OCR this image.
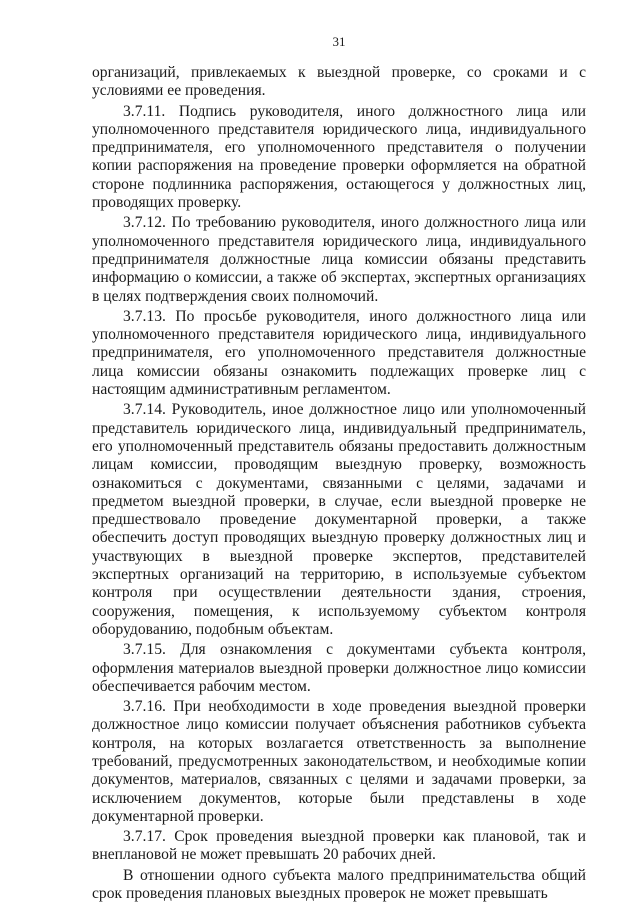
31

организаций, привлекаемых к выездной проверке, со сроками и с условиями ее проведения.

3.7.11. Подпись руководителя, иного должностного лица или уполномоченного представителя юридического лица, индивидуального предпринимателя, его уполномоченного представителя о получении копии распоряжения на проведение проверки оформляется на обратной стороне подлинника распоряжения, остающегося у должностных лиц, проводящих проверку.

3.7.12. По требованию руководителя, иного должностного лица или уполномоченного представителя юридического лица, индивидуального предпринимателя должностные лица комиссии обязаны представить информацию о комиссии, а также об экспертах, экспертных организациях в целях подтверждения своих полномочий.

3.7.13. По просьбе руководителя, иного должностного лица или уполномоченного представителя юридического лица, индивидуального предпринимателя, его уполномоченного представителя должностные лица комиссии обязаны ознакомить подлежащих проверке лиц с настоящим административным регламентом.

3.7.14. Руководитель, иное должностное лицо или уполномоченный представитель юридического лица, индивидуальный предприниматель, его уполномоченный представитель обязаны предоставить должностным лицам комиссии, проводящим выездную проверку, возможность ознакомиться с документами, связанными с целями, задачами и предметом выездной проверки, в случае, если выездной проверке не предшествовало проведение документарной проверки, а также обеспечить доступ проводящих выездную проверку должностных лиц и участвующих в выездной проверке экспертов, представителей экспертных организаций на территорию, в используемые субъектом контроля при осуществлении деятельности здания, строения, сооружения, помещения, к используемому субъектом контроля оборудованию, подобным объектам.

3.7.15. Для ознакомления с документами субъекта контроля, оформления материалов выездной проверки должностное лицо комиссии обеспечивается рабочим местом.

3.7.16. При необходимости в ходе проведения выездной проверки должностное лицо комиссии получает объяснения работников субъекта контроля, на которых возлагается ответственность за выполнение требований, предусмотренных законодательством, и необходимые копии документов, материалов, связанных с целями и задачами проверки, за исключением документов, которые были представлены в ходе документарной проверки.

3.7.17. Срок проведения выездной проверки как плановой, так и внеплановой не может превышать 20 рабочих дней.

В отношении одного субъекта малого предпринимательства общий срок проведения плановых выездных проверок не может превышать
